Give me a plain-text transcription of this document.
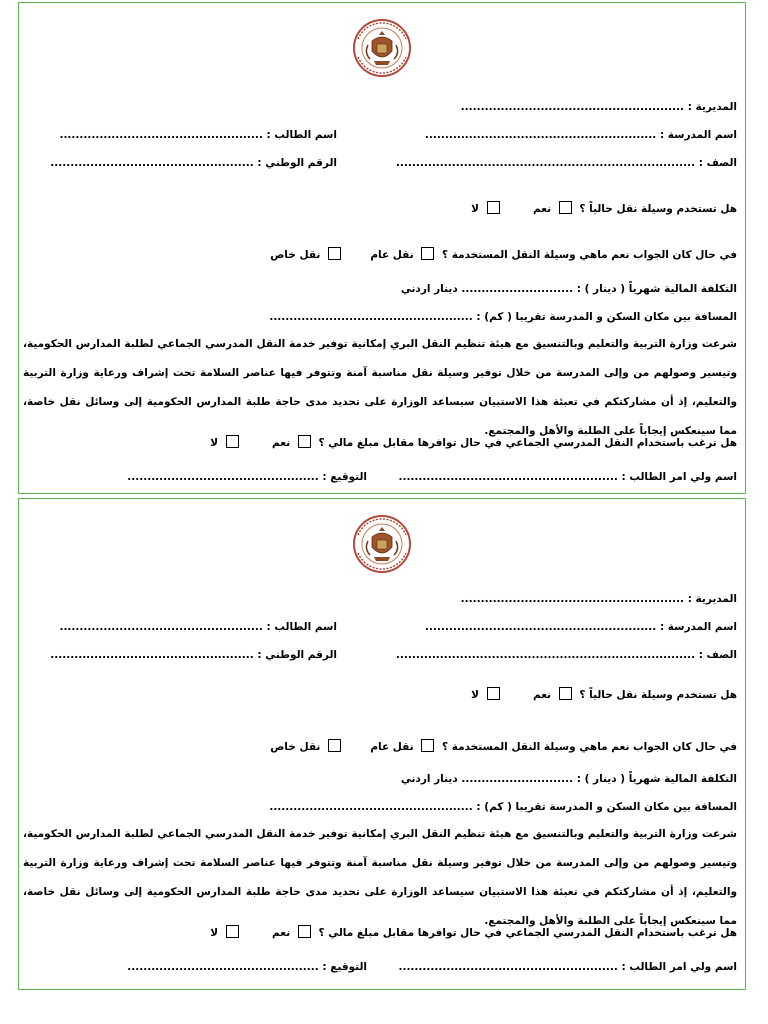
المديرية : ........................................................
اسم المدرسة : ..........................................................
اسم الطالب : ...................................................
الصف : ...........................................................................
الرقم الوطني : ...................................................
هل تستخدم وسيلة نقل حالياً ؟  نعم   لا
في حال كان الجواب نعم ماهي وسيلة النقل المستخدمة ؟  نقل عام   نقل خاص
التكلفة المالية شهرياً ( دينار ) : ............................ دينار اردني
المسافة بين مكان السكن و المدرسة تقريبا ( كم) : ...................................................
شرعت وزارة التربية والتعليم وبالتنسيق مع هيئة تنظيم النقل البري إمكانية توفير خدمة النقل المدرسي الجماعي لطلبة المدارس الحكومية، وتيسير وصولهم من وإلى المدرسة من خلال توفير وسيلة نقل مناسبة آمنة وتتوفر فيها عناصر السلامة تحت إشراف ورعاية وزارة التربية والتعليم، إذ أن مشاركتكم في تعبئة هذا الاستبيان سيساعد الوزارة على تحديد مدى حاجة طلبة المدارس الحكومية إلى وسائل نقل خاصة، مما سينعكس إيجاباً على الطلبة والأهل والمجتمع.
هل ترغب باستخدام النقل المدرسي الجماعي في حال توافرها مقابل مبلغ مالي ؟  نعم   لا
اسم ولي امر الطالب : .......................................................
التوقيع : ................................................
المديرية : ........................................................
اسم المدرسة : ..........................................................
اسم الطالب : ...................................................
الصف : ...........................................................................
الرقم الوطني : ...................................................
هل تستخدم وسيلة نقل حالياً ؟  نعم   لا
في حال كان الجواب نعم ماهي وسيلة النقل المستخدمة ؟  نقل عام   نقل خاص
التكلفة المالية شهرياً ( دينار ) : ............................ دينار اردني
المسافة بين مكان السكن و المدرسة تقريبا ( كم) : ...................................................
شرعت وزارة التربية والتعليم وبالتنسيق مع هيئة تنظيم النقل البري إمكانية توفير خدمة النقل المدرسي الجماعي لطلبة المدارس الحكومية، وتيسير وصولهم من وإلى المدرسة من خلال توفير وسيلة نقل مناسبة آمنة وتتوفر فيها عناصر السلامة تحت إشراف ورعاية وزارة التربية والتعليم، إذ أن مشاركتكم في تعبئة هذا الاستبيان سيساعد الوزارة على تحديد مدى حاجة طلبة المدارس الحكومية إلى وسائل نقل خاصة، مما سينعكس إيجاباً على الطلبة والأهل والمجتمع.
هل ترغب باستخدام النقل المدرسي الجماعي في حال توافرها مقابل مبلغ مالي ؟  نعم   لا
اسم ولي امر الطالب : .......................................................
التوقيع : ................................................
